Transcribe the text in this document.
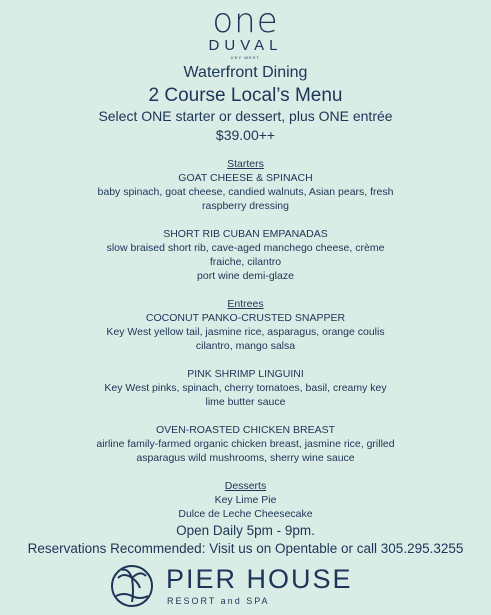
one
DUVAL
KEY WEST
Waterfront Dining
2 Course Local’s Menu
Select ONE starter or dessert, plus ONE entrée
$39.00++
Starters
GOAT CHEESE & SPINACH
baby spinach, goat cheese, candied walnuts, Asian pears, fresh
raspberry dressing
SHORT RIB CUBAN EMPANADAS
slow braised short rib, cave-aged manchego cheese, crème
fraiche, cilantro
port wine demi-glaze
Entrees
COCONUT PANKO-CRUSTED SNAPPER
Key West yellow tail, jasmine rice, asparagus, orange coulis
cilantro, mango salsa
PINK SHRIMP LINGUINI
Key West pinks, spinach, cherry tomatoes, basil, creamy key
lime butter sauce
OVEN-ROASTED CHICKEN BREAST
airline family-farmed organic chicken breast, jasmine rice, grilled
asparagus wild mushrooms, sherry wine sauce
Desserts
Key Lime Pie
Dulce de Leche Cheesecake
Open Daily 5pm - 9pm.
Reservations Recommended: Visit us on Opentable or call 305.295.3255
PIER HOUSE
RESORT and SPA
